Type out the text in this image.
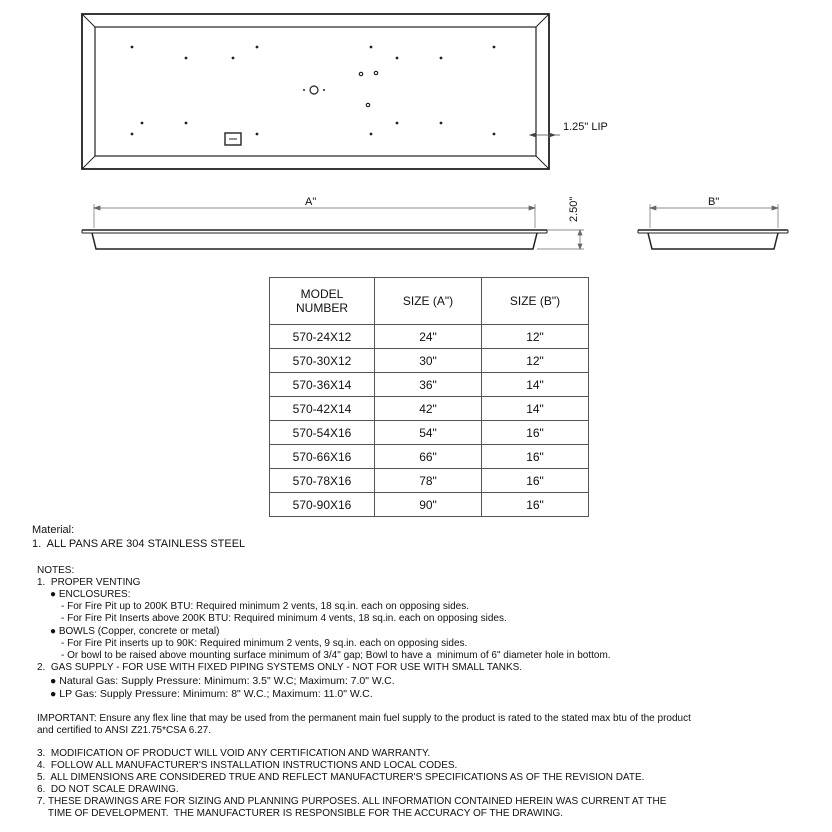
1.25" LIP
A"	2.50"	B"
MODEL
NUMBER	SIZE (A")	SIZE (B")
570-24X12	24"	12"
570-30X12	30"	12"
570-36X14	36"	14"
570-42X14	42"	14"
570-54X16	54"	16"
570-66X16	66"	16"
570-78X16	78"	16"
570-90X16	90"	16"
Material:
1.  ALL PANS ARE 304 STAINLESS STEEL
NOTES:
1.  PROPER VENTING
● ENCLOSURES:
- For Fire Pit up to 200K BTU: Required minimum 2 vents, 18 sq.in. each on opposing sides.
- For Fire Pit Inserts above 200K BTU: Required minimum 4 vents, 18 sq.in. each on opposing sides.
● BOWLS (Copper, concrete or metal)
- For Fire Pit inserts up to 90K: Required minimum 2 vents, 9 sq.in. each on opposing sides.
- Or bowl to be raised above mounting surface minimum of 3/4" gap; Bowl to have a  minimum of 6" diameter hole in bottom.
2.  GAS SUPPLY - FOR USE WITH FIXED PIPING SYSTEMS ONLY - NOT FOR USE WITH SMALL TANKS.
● Natural Gas: Supply Pressure: Minimum: 3.5" W.C; Maximum: 7.0" W.C.
● LP Gas: Supply Pressure: Minimum: 8" W.C.; Maximum: 11.0" W.C.
IMPORTANT: Ensure any flex line that may be used from the permanent main fuel supply to the product is rated to the stated max btu of the product
and certified to ANSI Z21.75*CSA 6.27.
3.  MODIFICATION OF PRODUCT WILL VOID ANY CERTIFICATION AND WARRANTY.
4.  FOLLOW ALL MANUFACTURER'S INSTALLATION INSTRUCTIONS AND LOCAL CODES.
5.  ALL DIMENSIONS ARE CONSIDERED TRUE AND REFLECT MANUFACTURER'S SPECIFICATIONS AS OF THE REVISION DATE.
6.  DO NOT SCALE DRAWING.
7. THESE DRAWINGS ARE FOR SIZING AND PLANNING PURPOSES. ALL INFORMATION CONTAINED HEREIN WAS CURRENT AT THE
TIME OF DEVELOPMENT.  THE MANUFACTURER IS RESPONSIBLE FOR THE ACCURACY OF THE DRAWING.
